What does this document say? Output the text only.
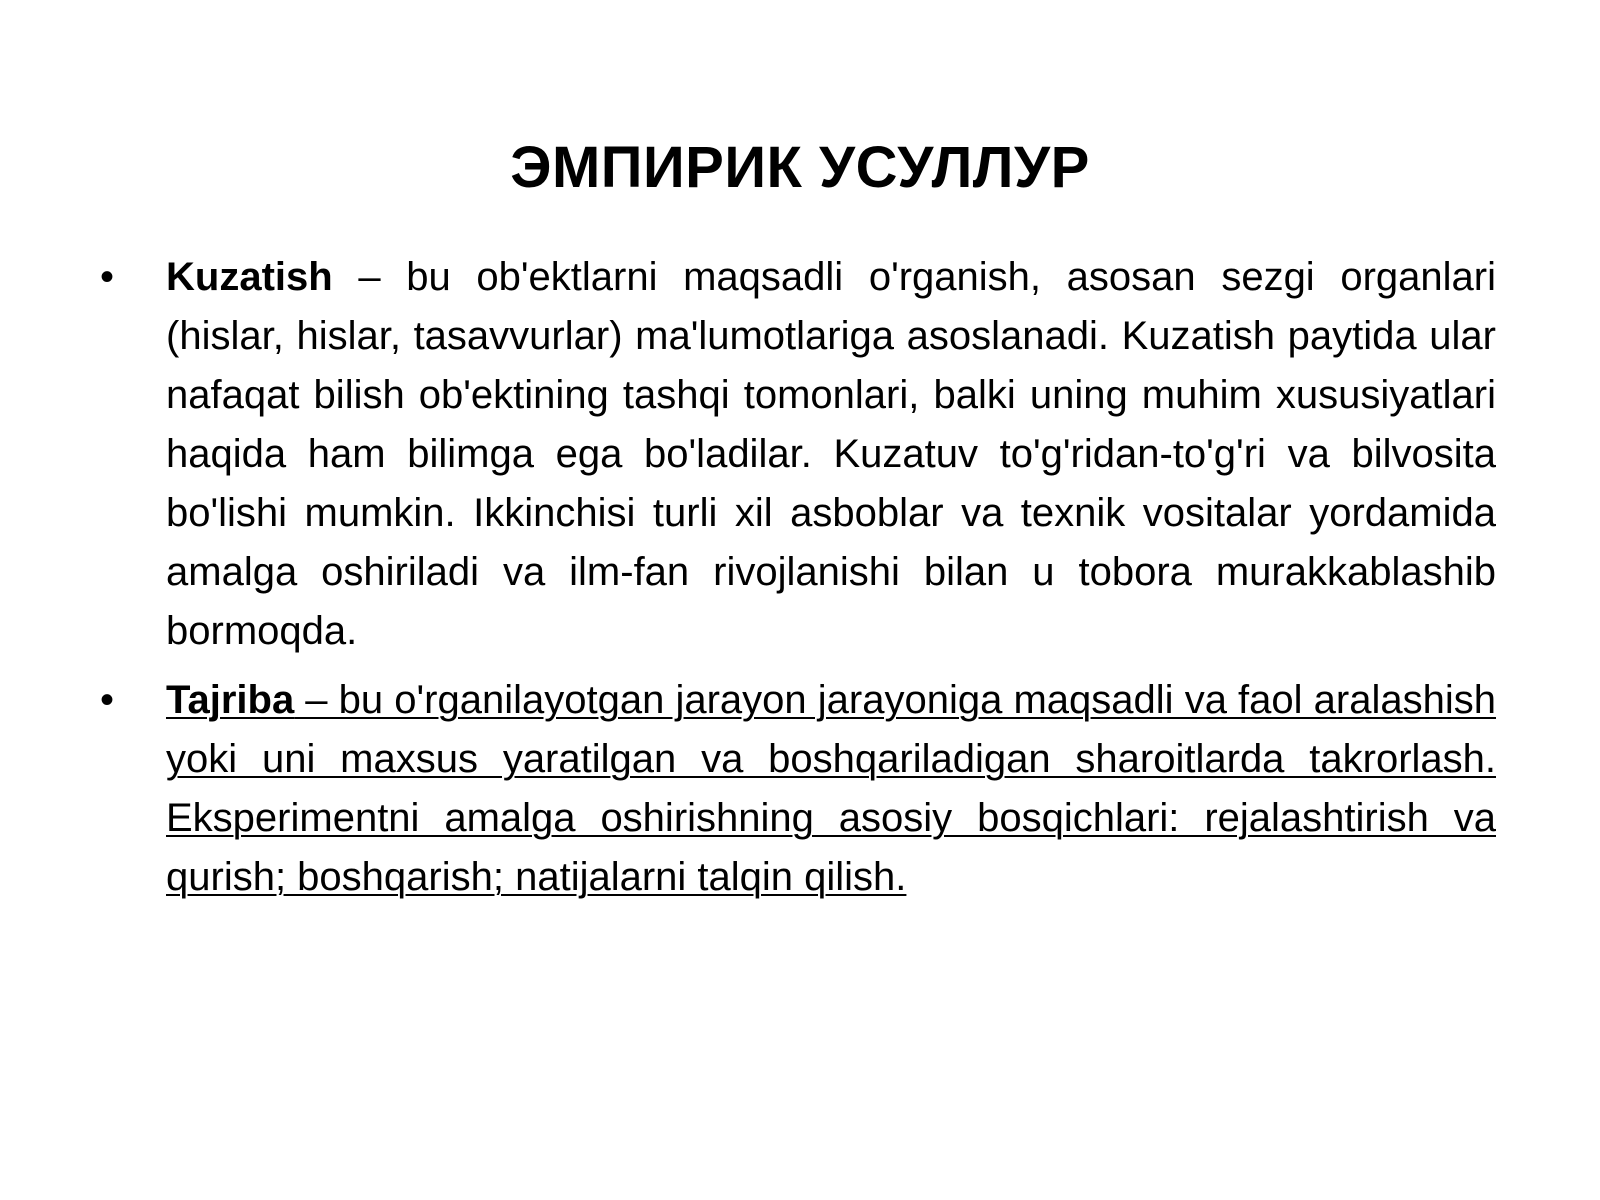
ЭМПИРИК УСУЛЛУР
•	Kuzatish – bu ob'ektlarni maqsadli o'rganish, asosan sezgi organlari (hislar, hislar, tasavvurlar) ma'lumotlariga asoslanadi. Kuzatish paytida ular nafaqat bilish ob'ektining tashqi tomonlari, balki uning muhim xususiyatlari haqida ham bilimga ega bo'ladilar. Kuzatuv to'g'ridan-to'g'ri va bilvosita bo'lishi mumkin. Ikkinchisi turli xil asboblar va texnik vositalar yordamida amalga oshiriladi va ilm-fan rivojlanishi bilan u tobora murakkablashib bormoqda.
•	Tajriba – bu o'rganilayotgan jarayon jarayoniga maqsadli va faol aralashish yoki uni maxsus yaratilgan va boshqariladigan sharoitlarda takrorlash. Eksperimentni amalga oshirishning asosiy bosqichlari: rejalashtirish va qurish; boshqarish; natijalarni talqin qilish.
